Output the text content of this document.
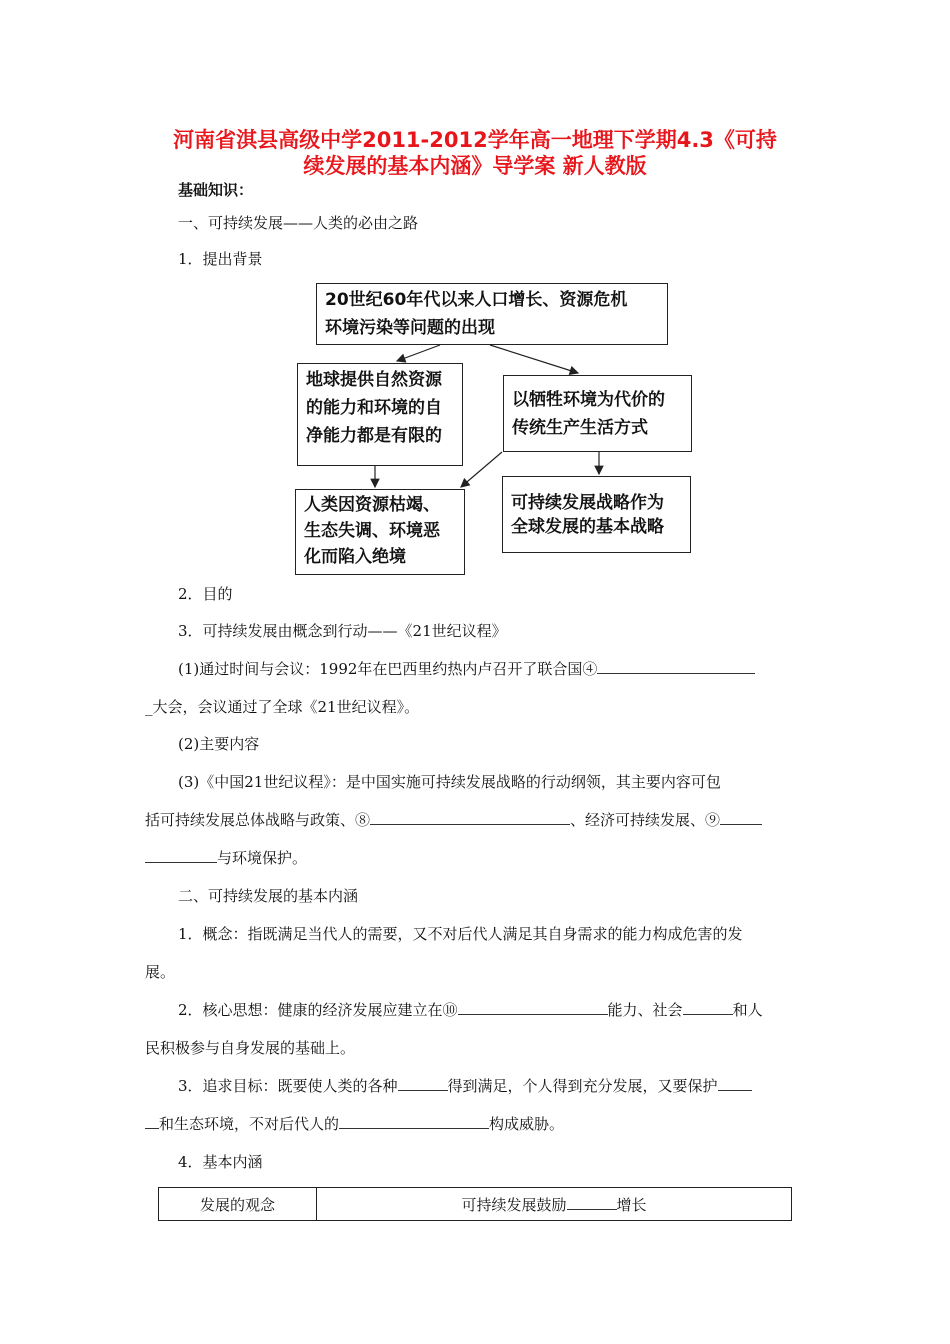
河南省淇县高级中学2011-2012学年高一地理下学期4.3《可持
续发展的基本内涵》导学案 新人教版
基础知识：
一、可持续发展——人类的必由之路
1．提出背景
20世纪60年代以来人口增长、资源危机
环境污染等问题的出现
地球提供自然资源
的能力和环境的自
净能力都是有限的
以牺牲环境为代价的
传统生产生活方式
人类因资源枯竭、
生态失调、环境恶
化而陷入绝境
可持续发展战略作为
全球发展的基本战略
2．目的
3．可持续发展由概念到行动——《21世纪议程》
(1)通过时间与会议：1992年在巴西里约热内卢召开了联合国④
_大会，会议通过了全球《21世纪议程》。
(2)主要内容
(3)《中国21世纪议程》：是中国实施可持续发展战略的行动纲领，其主要内容可包
括可持续发展总体战略与政策、⑧	、经济可持续发展、⑨
与环境保护。
二、可持续发展的基本内涵
1．概念：指既满足当代人的需要，又不对后代人满足其自身需求的能力构成危害的发
展。
2．核心思想：健康的经济发展应建立在⑩	能力、社会	和人
民积极参与自身发展的基础上。
3．追求目标：既要使人类的各种	得到满足，个人得到充分发展，又要保护
和生态环境，不对后代人的	构成威胁。
4．基本内涵
发展的观念	可持续发展鼓励	增长
